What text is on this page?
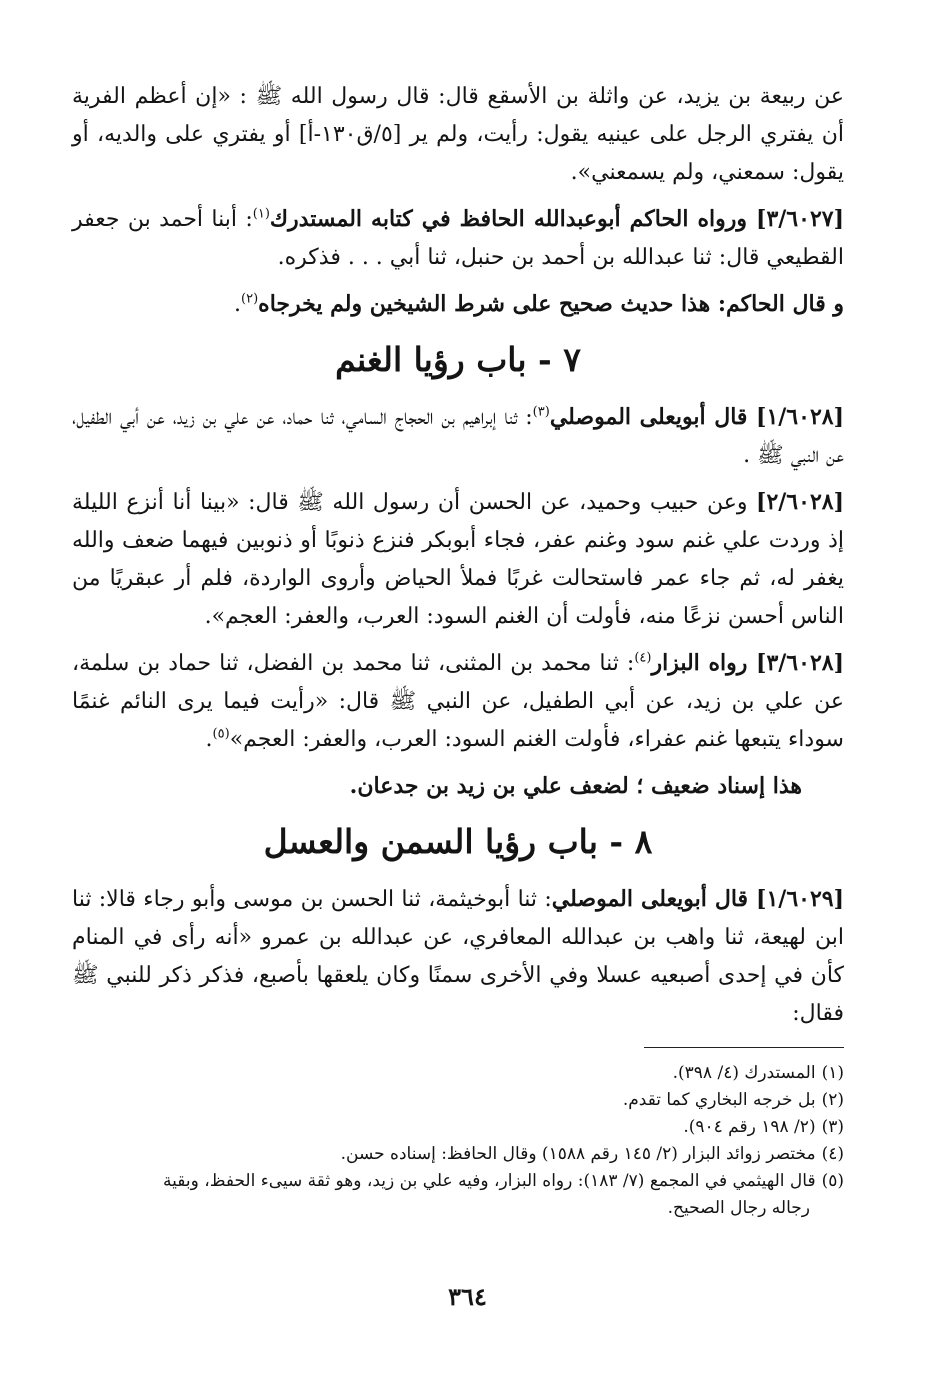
عن ربيعة بن يزيد، عن واثلة بن الأسقع قال: قال رسول الله ﷺ : «إن أعظم الفرية أن يفتري الرجل على عينيه يقول: رأيت، ولم ير [٥/ق١٣٠-أ] أو يفتري على والديه، أو يقول: سمعني، ولم يسمعني».

[٣/٦٠٢٧] ورواه الحاكم أبوعبدالله الحافظ في كتابه المستدرك$^{(١)}$: أبنا أحمد بن جعفر القطيعي قال: ثنا عبدالله بن أحمد بن حنبل، ثنا أبي . . . فذكره.

و قال الحاكم: هذا حديث صحيح على شرط الشيخين ولم يخرجاه$^{(٢)}$.

٧ - باب رؤيا الغنم

[١/٦٠٢٨] قال أبويعلى الموصلي$^{(٣)}$: ثنا إبراهيم بن الحجاج السامي، ثنا حماد، عن علي بن زيد، عن أبي الطفيل، عن النبي ﷺ .

[٢/٦٠٢٨] وعن حبيب وحميد، عن الحسن أن رسول الله ﷺ قال: «بينا أنا أنزع الليلة إذ وردت علي غنم سود وغنم عفر، فجاء أبوبكر فنزع ذنوبًا أو ذنوبين فيهما ضعف والله يغفر له، ثم جاء عمر فاستحالت غربًا فملأ الحياض وأروى الواردة، فلم أر عبقريًا من الناس أحسن نزعًا منه، فأولت أن الغنم السود: العرب، والعفر: العجم».

[٣/٦٠٢٨] رواه البزار$^{(٤)}$: ثنا محمد بن المثنى، ثنا محمد بن الفضل، ثنا حماد بن سلمة، عن علي بن زيد، عن أبي الطفيل، عن النبي ﷺ قال: «رأيت فيما يرى النائم غنمًا سوداء يتبعها غنم عفراء، فأولت الغنم السود: العرب، والعفر: العجم»$^{(٥)}$.

هذا إسناد ضعيف ؛ لضعف علي بن زيد بن جدعان.

٨ - باب رؤيا السمن والعسل

[١/٦٠٢٩] قال أبويعلى الموصلي: ثنا أبوخيثمة، ثنا الحسن بن موسى وأبو رجاء قالا: ثنا ابن لهيعة، ثنا واهب بن عبدالله المعافري، عن عبدالله بن عمرو «أنه رأى في المنام كأن في إحدى أصبعيه عسلا وفي الأخرى سمنًا وكان يلعقها بأصبع، فذكر ذكر للنبي ﷺ فقال:

(١)المستدرك (٤/ ٣٩٨).

(٢)بل خرجه البخاري كما تقدم.

(٣)(٢/ ١٩٨ رقم ٩٠٤).

(٤)مختصر زوائد البزار (٢/ ١٤٥ رقم ١٥٨٨) وقال الحافظ: إسناده حسن.

(٥)قال الهيثمي في المجمع (٧/ ١٨٣): رواه البزار، وفيه علي بن زيد، وهو ثقة سيىء الحفظ، وبقية

رجاله رجال الصحيح.

٣٦٤
